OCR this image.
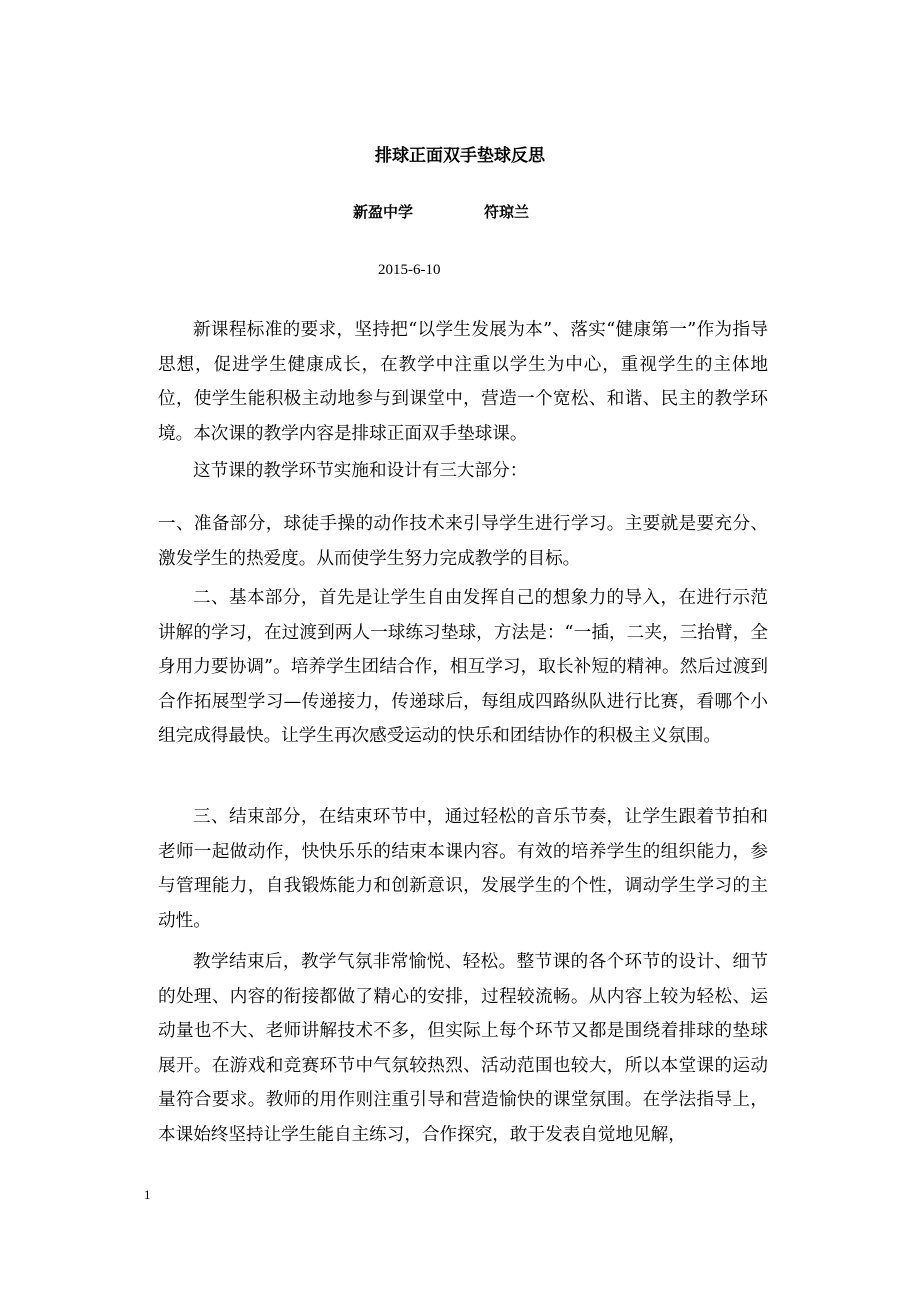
排球正面双手垫球反思
新盈中学	符琼兰
2015-6-10

新课程标准的要求，坚持把“以学生发展为本”、落实“健康第一”作为指导思想，促进学生健康成长，在教学中注重以学生为中心，重视学生的主体地位，使学生能积极主动地参与到课堂中，营造一个宽松、和谐、民主的教学环境。本次课的教学内容是排球正面双手垫球课。

这节课的教学环节实施和设计有三大部分：

一、准备部分，球徒手操的动作技术来引导学生进行学习。主要就是要充分、激发学生的热爱度。从而使学生努力完成教学的目标。

二、基本部分，首先是让学生自由发挥自己的想象力的导入，在进行示范讲解的学习，在过渡到两人一球练习垫球，方法是：“一插，二夹，三抬臂，全身用力要协调”。培养学生团结合作，相互学习，取长补短的精神。然后过渡到合作拓展型学习—传递接力，传递球后，每组成四路纵队进行比赛，看哪个小组完成得最快。让学生再次感受运动的快乐和团结协作的积极主义氛围。

三、结束部分，在结束环节中，通过轻松的音乐节奏，让学生跟着节拍和老师一起做动作，快快乐乐的结束本课内容。有效的培养学生的组织能力，参与管理能力，自我锻炼能力和创新意识，发展学生的个性，调动学生学习的主动性。

教学结束后，教学气氛非常愉悦、轻松。整节课的各个环节的设计、细节的处理、内容的衔接都做了精心的安排，过程较流畅。从内容上较为轻松、运动量也不大、老师讲解技术不多，但实际上每个环节又都是围绕着排球的垫球展开。在游戏和竞赛环节中气氛较热烈、活动范围也较大，所以本堂课的运动量符合要求。教师的用作则注重引导和营造愉快的课堂氛围。在学法指导上，本课始终坚持让学生能自主练习，合作探究，敢于发表自觉地见解，

1
